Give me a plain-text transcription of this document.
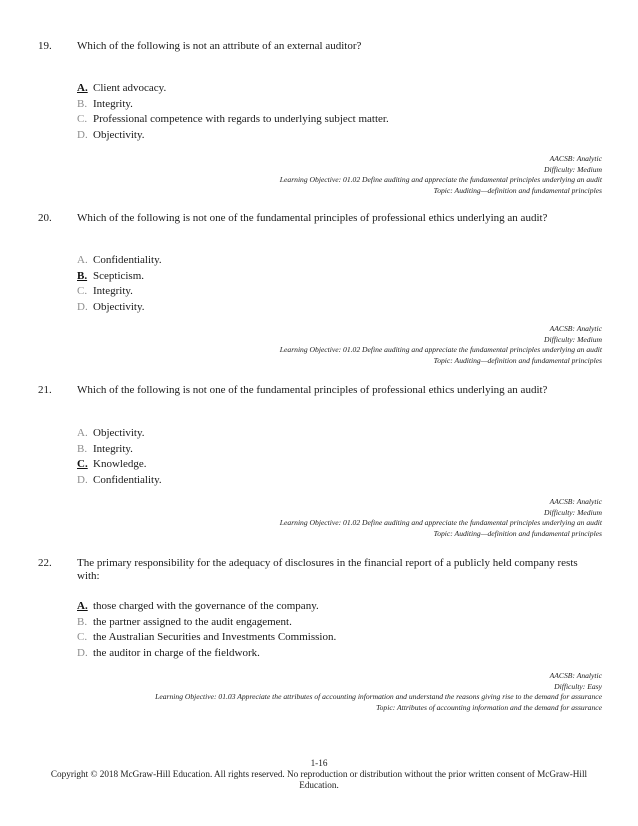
19. Which of the following is not an attribute of an external auditor?
A. Client advocacy.
B. Integrity.
C. Professional competence with regards to underlying subject matter.
D. Objectivity.
AACSB: Analytic
Difficulty: Medium
Learning Objective: 01.02 Define auditing and appreciate the fundamental principles underlying an audit
Topic: Auditing—definition and fundamental principles
20. Which of the following is not one of the fundamental principles of professional ethics underlying an audit?
A. Confidentiality.
B. Scepticism.
C. Integrity.
D. Objectivity.
AACSB: Analytic
Difficulty: Medium
Learning Objective: 01.02 Define auditing and appreciate the fundamental principles underlying an audit
Topic: Auditing—definition and fundamental principles
21. Which of the following is not one of the fundamental principles of professional ethics underlying an audit?
A. Objectivity.
B. Integrity.
C. Knowledge.
D. Confidentiality.
AACSB: Analytic
Difficulty: Medium
Learning Objective: 01.02 Define auditing and appreciate the fundamental principles underlying an audit
Topic: Auditing—definition and fundamental principles
22. The primary responsibility for the adequacy of disclosures in the financial report of a publicly held company rests with:
A. those charged with the governance of the company.
B. the partner assigned to the audit engagement.
C. the Australian Securities and Investments Commission.
D. the auditor in charge of the fieldwork.
AACSB: Analytic
Difficulty: Easy
Learning Objective: 01.03 Appreciate the attributes of accounting information and understand the reasons giving rise to the demand for assurance
Topic: Attributes of accounting information and the demand for assurance
1-16
Copyright © 2018 McGraw-Hill Education. All rights reserved. No reproduction or distribution without the prior written consent of McGraw-Hill Education.
